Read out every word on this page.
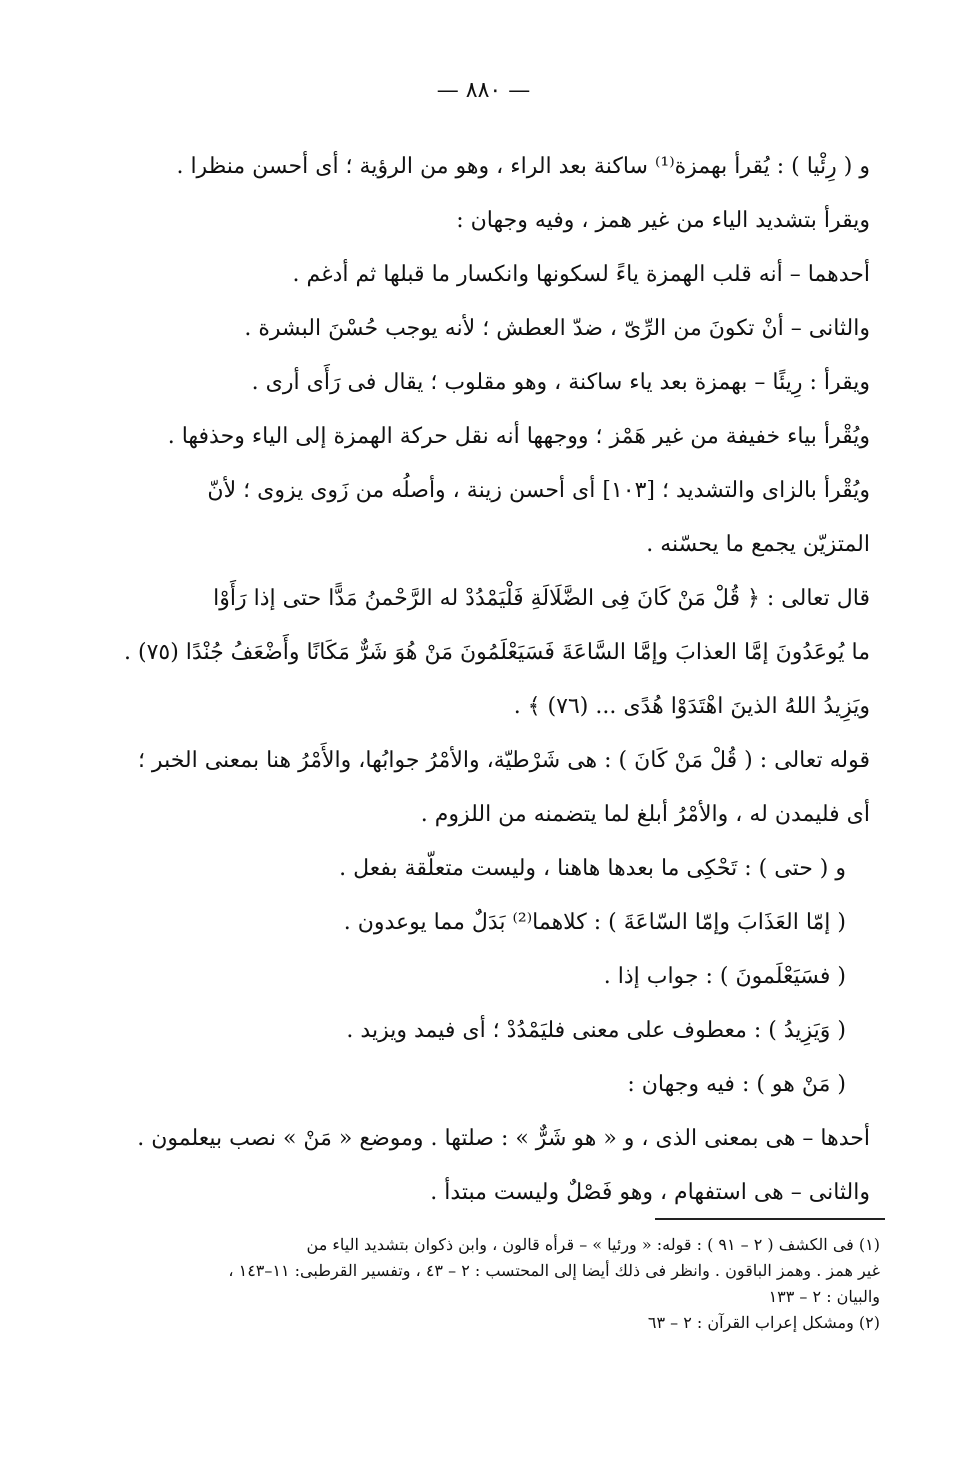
— ٨٨٠ —
و ( رِئْيا ) : يُقرأ بهمزة⁽¹⁾ ساكنة بعد الراء ، وهو من الرؤية ؛ أى أحسن منظرا .
ويقرأ بتشديد الياء من غير همز ، وفيه وجهان :
أحدهما – أنه قلب الهمزة ياءً لسكونها وانكسار ما قبلها ثم أدغم .
والثانى – أنْ تكونَ من الرِّىّ ، ضدّ العطش ؛ لأنه يوجب حُسْنَ البشرة .
ويقرأ : رِيئًا – بهمزة بعد ياء ساكنة ، وهو مقلوب ؛ يقال فى رَأَى أرى .
ويُقْرأ بياء خفيفة من غير هَمْز ؛ ووجهها أنه نقل حركة الهمزة إلى الياء وحذفها .
ويُقْرأ بالزاى والتشديد ؛ [١٠٣] أى أحسن زينة ، وأصلُه من زَوى يزوى ؛ لأنّ
المتزيّن يجمع ما يحسّنه .
قال تعالى : ﴿ قُلْ مَنْ كَانَ فِى الضَّلَالَةِ فَلْيَمْدُدْ له الرَّحْمنُ مَدًّا حتى إذا رَأَوْا
ما يُوعَدُونَ إمَّا العذابَ وإمَّا السَّاعَةَ فَسَيَعْلَمُونَ مَنْ هُوَ شَرٌّ مَكَانًا وأَضْعَفُ جُنْدًا (٧٥) .
ويَزِيدُ اللهُ الذينَ اهْتَدَوْا هُدًى ... (٧٦) ﴾ .
قوله تعالى : ( قُلْ مَنْ كَانَ ) : هى شَرْطيّة، والأمْرُ جوابُها، والأَمْرُ هنا بمعنى الخبر ؛
أى فليمدن له ، والأمْرُ أبلغ لما يتضمنه من اللزوم .
و ( حتى ) : تَحْكِى ما بعدها هاهنا ، وليست متعلّقة بفعل .
( إمّا العَذَابَ وإمّا السّاعَةَ ) : كلاهما⁽²⁾ بَدَلٌ مما يوعدون .
( فسَيَعْلَمونَ ) : جواب إذا .
( وَيَزِيدُ ) : معطوف على معنى فليَمْدُدْ ؛ أى فيمد ويزيد .
( مَنْ هو ) : فيه وجهان :
أحدها – هى بمعنى الذى ، و « هو شَرٌّ » : صلتها . وموضع « مَنْ » نصب بيعلمون .
والثانى – هى استفهام ، وهو فَصْلٌ وليست مبتدأ .
(١) فى الكشف ( ٢ – ٩١ ) : قوله: « ورئيا » – قرأه قالون ، وابن ذكوان بتشديد الياء من
غير همز . وهمز الباقون . وانظر فى ذلك أيضا إلى المحتسب : ٢ – ٤٣ ، وتفسير القرطبى: ١١–١٤٣ ،
والبيان : ٢ – ١٣٣
(٢) ومشكل إعراب القرآن : ٢ – ٦٣
